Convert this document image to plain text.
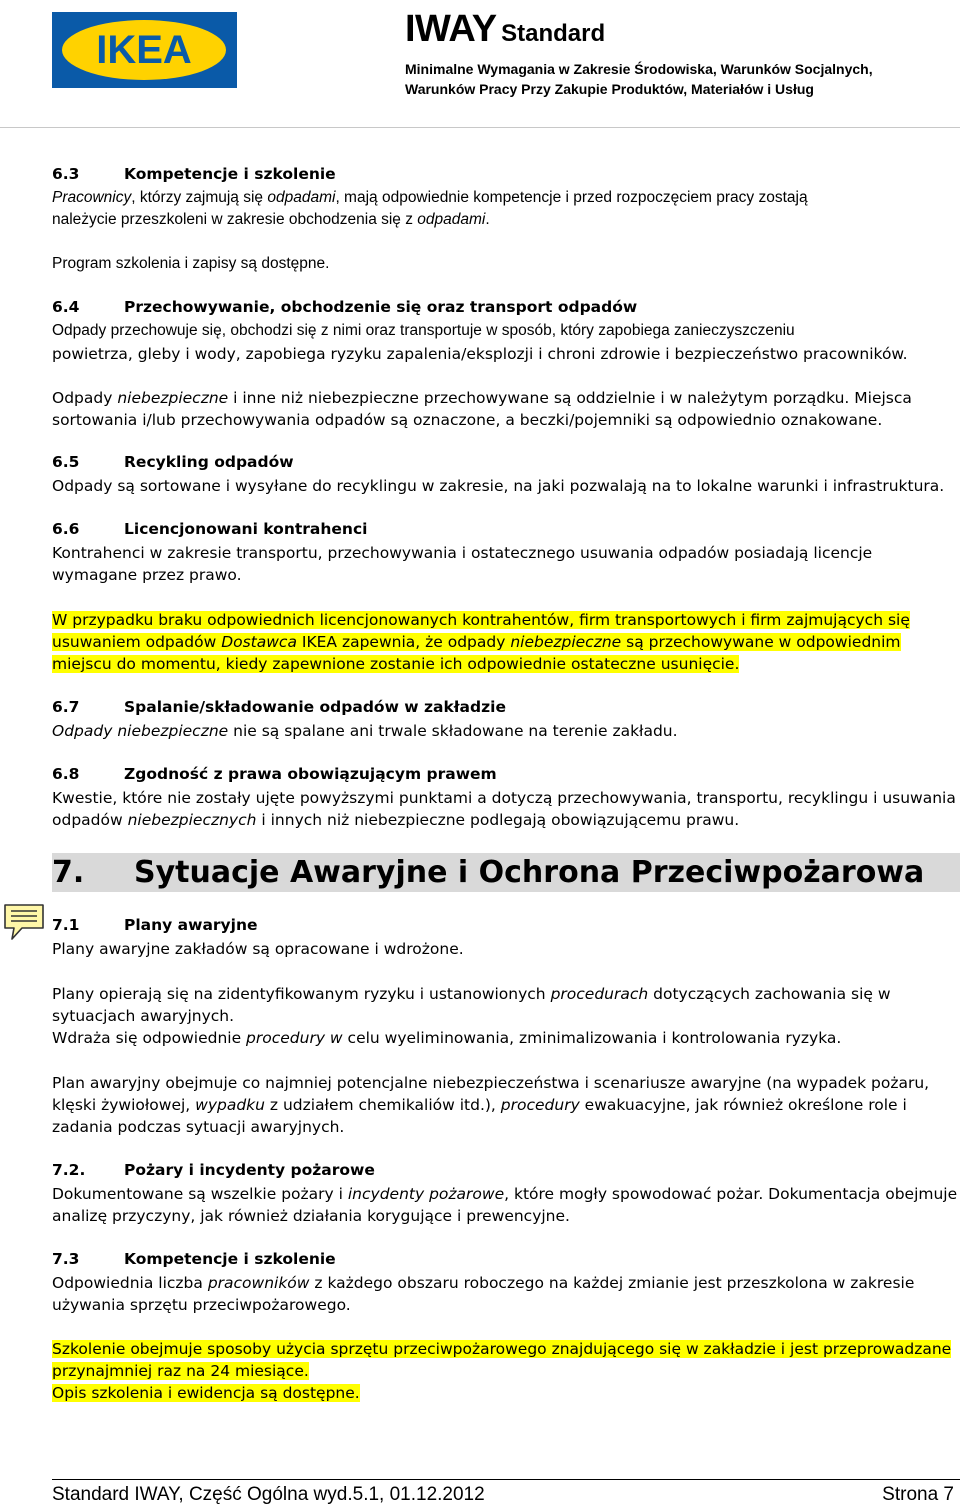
IKEA	IWAY Standard
Minimalne Wymagania w Zakresie Środowiska, Warunków Socjalnych,
Warunków Pracy Przy Zakupie Produktów, Materiałów i Usług
6.3	Kompetencje i szkolenie
Pracownicy, którzy zajmują się odpadami, mają odpowiednie kompetencje i przed rozpoczęciem pracy zostają
należycie przeszkoleni w zakresie obchodzenia się z odpadami.
Program szkolenia i zapisy są dostępne.
6.4	Przechowywanie, obchodzenie się oraz transport odpadów
Odpady przechowuje się, obchodzi się z nimi oraz transportuje w sposób, który zapobiega zanieczyszczeniu
powietrza, gleby i wody, zapobiega ryzyku zapalenia/eksplozji i chroni zdrowie i bezpieczeństwo pracowników.
Odpady niebezpieczne i inne niż niebezpieczne przechowywane są oddzielnie i w należytym porządku. Miejsca
sortowania i/lub przechowywania odpadów są oznaczone, a beczki/pojemniki są odpowiednio oznakowane.
6.5	Recykling odpadów
Odpady są sortowane i wysyłane do recyklingu w zakresie, na jaki pozwalają na to lokalne warunki i infrastruktura.
6.6	Licencjonowani kontrahenci
Kontrahenci w zakresie transportu, przechowywania i ostatecznego usuwania odpadów posiadają licencje
wymagane przez prawo.
W przypadku braku odpowiednich licencjonowanych kontrahentów, firm transportowych i firm zajmujących się
usuwaniem odpadów Dostawca IKEA zapewnia, że odpady niebezpieczne są przechowywane w odpowiednim
miejscu do momentu, kiedy zapewnione zostanie ich odpowiednie ostateczne usunięcie.
6.7	Spalanie/składowanie odpadów w zakładzie
Odpady niebezpieczne nie są spalane ani trwale składowane na terenie zakładu.
6.8	Zgodność z prawa obowiązującym prawem
Kwestie, które nie zostały ujęte powyższymi punktami a dotyczą przechowywania, transportu, recyklingu i usuwania
odpadów niebezpiecznych i innych niż niebezpieczne podlegają obowiązującemu prawu.
7. Sytuacje Awaryjne i Ochrona Przeciwpożarowa
7.1	Plany awaryjne
Plany awaryjne zakładów są opracowane i wdrożone.
Plany opierają się na zidentyfikowanym ryzyku i ustanowionych procedurach dotyczących zachowania się w
sytuacjach awaryjnych.
Wdraża się odpowiednie procedury w celu wyeliminowania, zminimalizowania i kontrolowania ryzyka.
Plan awaryjny obejmuje co najmniej potencjalne niebezpieczeństwa i scenariusze awaryjne (na wypadek pożaru,
klęski żywiołowej, wypadku z udziałem chemikaliów itd.), procedury ewakuacyjne, jak również określone role i
zadania podczas sytuacji awaryjnych.
7.2. Pożary i incydenty pożarowe
Dokumentowane są wszelkie pożary i incydenty pożarowe, które mogły spowodować pożar. Dokumentacja obejmuje
analizę przyczyny, jak również działania korygujące i prewencyjne.
7.3	Kompetencje i szkolenie
Odpowiednia liczba pracowników z każdego obszaru roboczego na każdej zmianie jest przeszkolona w zakresie
używania sprzętu przeciwpożarowego.
Szkolenie obejmuje sposoby użycia sprzętu przeciwpożarowego znajdującego się w zakładzie i jest przeprowadzane
przynajmniej raz na 24 miesiące.
Opis szkolenia i ewidencja są dostępne.
Standard IWAY, Część Ogólna wyd.5.1, 01.12.2012	Strona 7
